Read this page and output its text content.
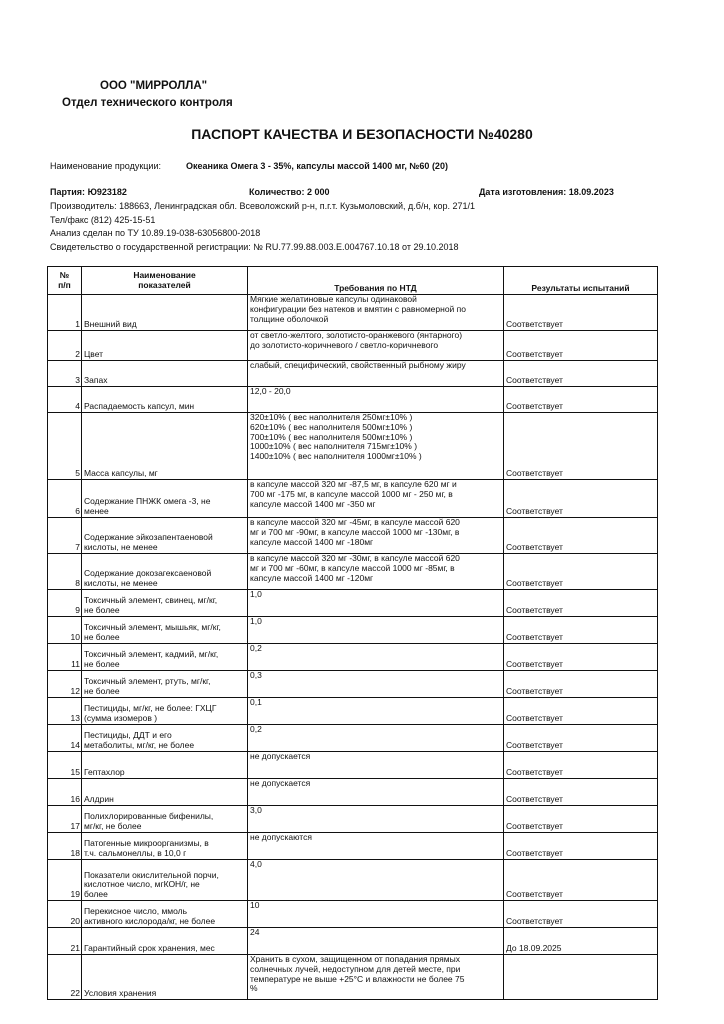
ООО "МИРРОЛЛА"
Отдел технического контроля
ПАСПОРТ КАЧЕСТВА И БЕЗОПАСНОСТИ №40280
Наименование продукции:	Океаника Омега 3 - 35%, капсулы массой 1400 мг, №60 (20)
Партия: Ю923182	Количество: 2 000	Дата изготовления: 18.09.2023
Производитель: 188663, Ленинградская обл. Всеволожский р-н, п.г.т. Кузьмоловский, д.б/н, кор. 271/1
Тел/факс (812) 425-15-51
Анализ сделан по ТУ 10.89.19-038-63056800-2018
Свидетельство о государственной регистрации: № RU.77.99.88.003.Е.004767.10.18 от 29.10.2018
№
п/п	Наименование
показателей	Требования по НТД	Результаты испытаний
1	Внешний вид	Мягкие желатиновые капсулы одинаковой
конфигурации без натеков и вмятин с равномерной по
толщине оболочкой	Соответствует
2	Цвет	от светло-желтого, золотисто-оранжевого (янтарного)
до золотисто-коричневого / светло-коричневого	Соответствует
3	Запах	слабый, специфический, свойственный рыбному жиру	Соответствует
4	Распадаемость капсул, мин	12,0 - 20,0	Соответствует
5	Масса капсулы, мг	320±10% ( вес наполнителя 250мг±10% )
620±10% ( вес наполнителя 500мг±10% )
700±10% ( вес наполнителя 500мг±10% )
1000±10% ( вес наполнителя 715мг±10% )
1400±10% ( вес наполнителя 1000мг±10% )	Соответствует
6	Содержание ПНЖК омега -3, не
менее	в капсуле массой 320 мг -87,5 мг, в капсуле 620 мг и
700 мг -175 мг, в капсуле массой 1000 мг - 250 мг, в
капсуле массой 1400 мг -350 мг	Соответствует
7	Содержание эйкозапентаеновой
кислоты, не менее	в капсуле массой 320 мг -45мг, в капсуле массой 620
мг и 700 мг -90мг, в капсуле массой 1000 мг -130мг, в
капсуле массой 1400 мг -180мг	Соответствует
8	Содержание докозагексаеновой
кислоты, не менее	в капсуле массой 320 мг -30мг, в капсуле массой 620
мг и 700 мг -60мг, в капсуле массой 1000 мг -85мг, в
капсуле массой 1400 мг -120мг	Соответствует
9	Токсичный элемент, свинец, мг/кг,
не более	1,0	Соответствует
10	Токсичный элемент, мышьяк, мг/кг,
не более	1,0	Соответствует
11	Токсичный элемент, кадмий, мг/кг,
не более	0,2	Соответствует
12	Токсичный элемент, ртуть, мг/кг,
не более	0,3	Соответствует
13	Пестициды, мг/кг, не более: ГХЦГ
(сумма изомеров )	0,1	Соответствует
14	Пестициды, ДДТ и его
метаболиты, мг/кг, не более	0,2	Соответствует
15	Гептахлор	не допускается	Соответствует
16	Алдрин	не допускается	Соответствует
17	Полихлорированные бифенилы,
мг/кг, не более	3,0	Соответствует
18	Патогенные микроорганизмы, в
т.ч. сальмонеллы, в 10,0 г	не допускаются	Соответствует
19	Показатели окислительной порчи,
кислотное число, мгКОН/г, не
более	4,0	Соответствует
20	Перекисное число, ммоль
активного кислорода/кг, не более	10	Соответствует
21	Гарантийный срок хранения, мес	24	До 18.09.2025
22	Условия хранения	Хранить в сухом, защищенном от попадания прямых
солнечных лучей, недоступном для детей месте, при
температуре не выше +25°С и влажности не более 75
%	
